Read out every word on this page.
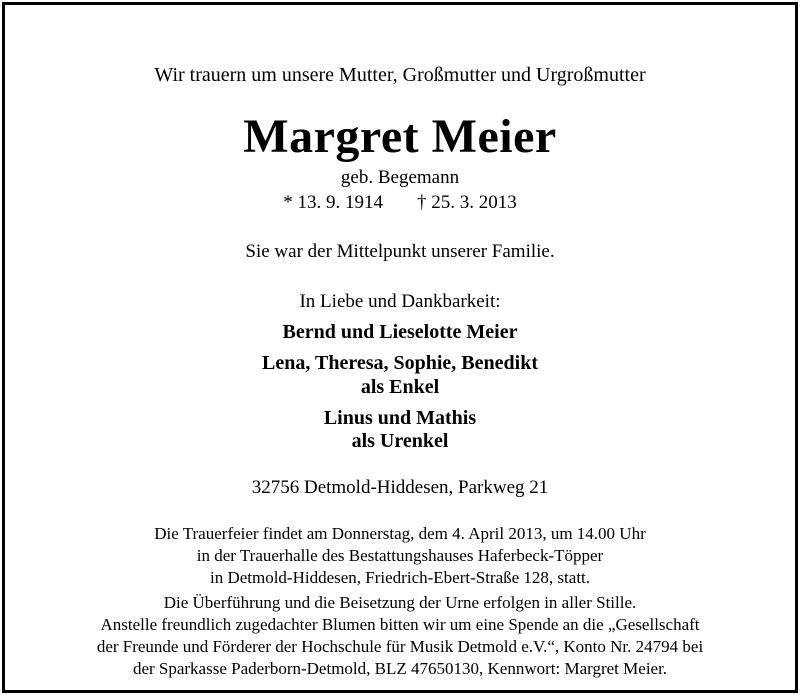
Wir trauern um unsere Mutter, Großmutter und Urgroßmutter
Margret Meier
geb. Begemann
* 13. 9. 1914 † 25. 3. 2013
Sie war der Mittelpunkt unserer Familie.
In Liebe und Dankbarkeit:
Bernd und Lieselotte Meier
Lena, Theresa, Sophie, Benedikt
als Enkel
Linus und Mathis
als Urenkel
32756 Detmold-Hiddesen, Parkweg 21
Die Trauerfeier findet am Donnerstag, dem 4. April 2013, um 14.00 Uhr
in der Trauerhalle des Bestattungshauses Haferbeck-Töpper
in Detmold-Hiddesen, Friedrich-Ebert-Straße 128, statt.
Die Überführung und die Beisetzung der Urne erfolgen in aller Stille.
Anstelle freundlich zugedachter Blumen bitten wir um eine Spende an die „Gesellschaft
der Freunde und Förderer der Hochschule für Musik Detmold e.V.“, Konto Nr. 24794 bei
der Sparkasse Paderborn-Detmold, BLZ 47650130, Kennwort: Margret Meier.
